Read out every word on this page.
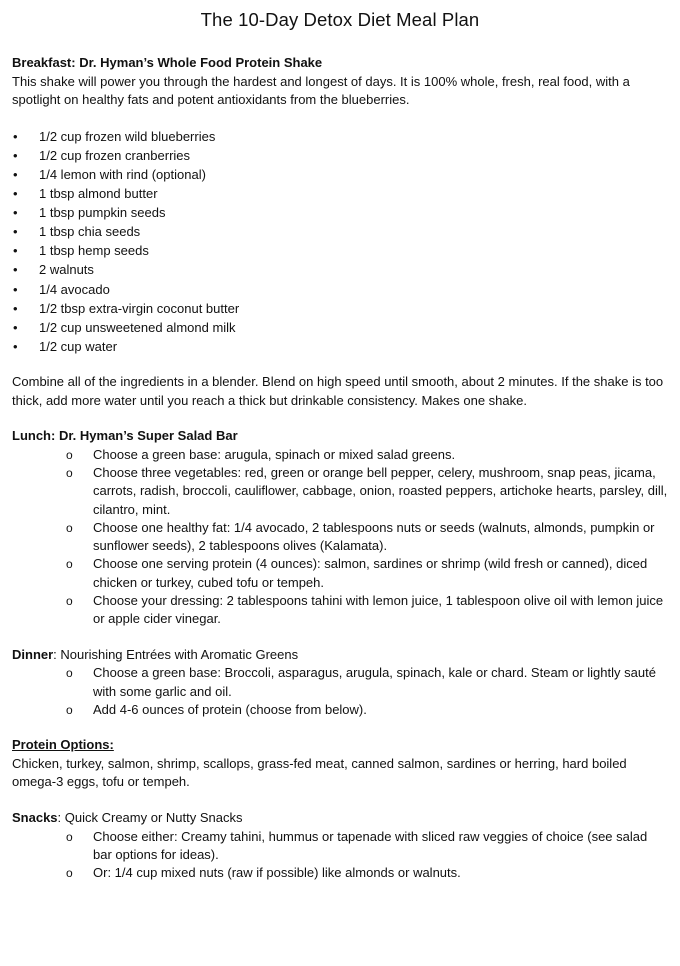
The 10-Day Detox Diet Meal Plan

Breakfast: Dr. Hyman’s Whole Food Protein Shake

This shake will power you through the hardest and longest of days. It is 100% whole, fresh, real food, with a spotlight on healthy fats and potent antioxidants from the blueberries.

• 1/2 cup frozen wild blueberries
• 1/2 cup frozen cranberries
• 1/4 lemon with rind (optional)
• 1 tbsp almond butter
• 1 tbsp pumpkin seeds
• 1 tbsp chia seeds
• 1 tbsp hemp seeds
• 2 walnuts
• 1/4 avocado
• 1/2 tbsp extra-virgin coconut butter
• 1/2 cup unsweetened almond milk
• 1/2 cup water

Combine all of the ingredients in a blender. Blend on high speed until smooth, about 2 minutes. If the shake is too thick, add more water until you reach a thick but drinkable consistency. Makes one shake.

Lunch: Dr. Hyman’s Super Salad Bar

o Choose a green base: arugula, spinach or mixed salad greens.
o Choose three vegetables: red, green or orange bell pepper, celery, mushroom, snap peas, jicama, carrots, radish, broccoli, cauliflower, cabbage, onion, roasted peppers, artichoke hearts, parsley, dill, cilantro, mint.
o Choose one healthy fat: 1/4 avocado, 2 tablespoons nuts or seeds (walnuts, almonds, pumpkin or sunflower seeds), 2 tablespoons olives (Kalamata).
o Choose one serving protein (4 ounces): salmon, sardines or shrimp (wild fresh or canned), diced chicken or turkey, cubed tofu or tempeh.
o Choose your dressing: 2 tablespoons tahini with lemon juice, 1 tablespoon olive oil with lemon juice or apple cider vinegar.

Dinner: Nourishing Entrées with Aromatic Greens

o Choose a green base: Broccoli, asparagus, arugula, spinach, kale or chard. Steam or lightly sauté with some garlic and oil.
o Add 4-6 ounces of protein (choose from below).

Protein Options:

Chicken, turkey, salmon, shrimp, scallops, grass-fed meat, canned salmon, sardines or herring, hard boiled omega-3 eggs, tofu or tempeh.

Snacks: Quick Creamy or Nutty Snacks

o Choose either: Creamy tahini, hummus or tapenade with sliced raw veggies of choice (see salad bar options for ideas).
o Or: 1/4 cup mixed nuts (raw if possible) like almonds or walnuts.
